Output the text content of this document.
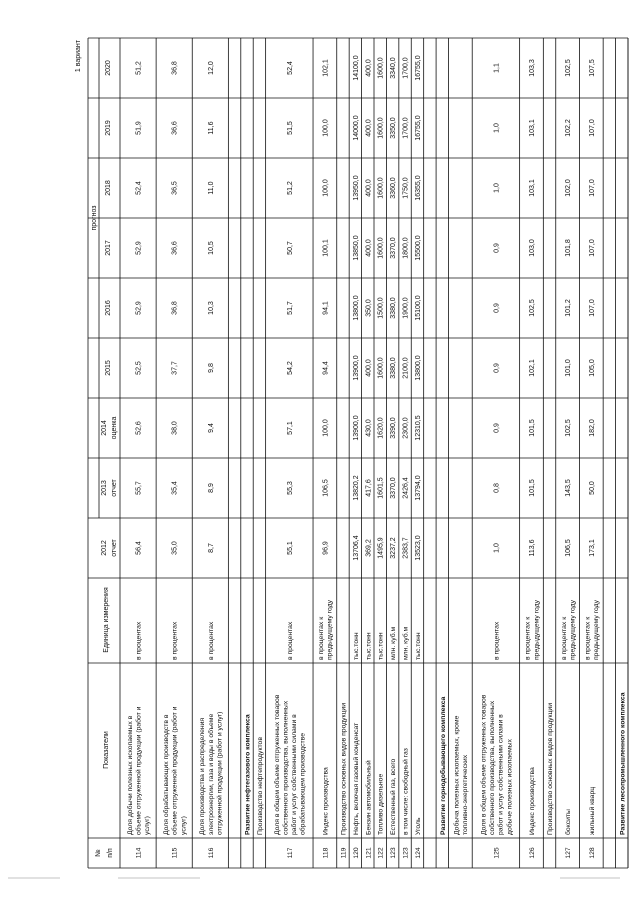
№ п/п
Показатели
Единица измерения
прогноз
2012 отчет
2013 отчет
2014 оценка
2015
2016
2017
2018
2019
2020
114
Доля добычи полезных ископаемых в объеме отгруженной продукции (работ и услуг)
в процентах
56,4
55,7
52,6
52,5
52,9
52,9
52,4
51,9
51,2
115
Доля обрабатывающих производств в объеме отгруженной продукции (работ и услуг)
в процентах
35,0
35,4
38,0
37,7
36,8
36,6
36,5
36,6
36,8
116
Доля производства и распределения электроэнергии, газа и воды в объеме отгруженной продукции (работ и услуг)
в процентах
8,7
8,9
9,4
9,8
10,3
10,5
11,0
11,6
12,0
Развитие нефтегазового комплекса Производство нефтепродуктов
117
Доля в общем объеме отгруженных товаров собственного производства, выполненных работ и услуг собственными силами в обрабатывающем производстве
в процентах
55,1
55,3
57,1
54,2
51,7
50,7
51,2
51,5
52,4
118
Индекс производства
в процентах к предыдущему году
96,9
106,5
100,0
94,4
94,1
100,1
100,0
100,0
102,1
119
Производство основных видов продукции
120
Нефть, включая газовый конденсат
тыс.тонн
13706,4
13820,2
13900,0
13900,0
13800,0
13850,0
13950,0
14000,0
14100,0
121
Бензин автомобильный
тыс.тонн
369,2
417,6
430,0
400,0
350,0
400,0
400,0
400,0
400,0
122
Топливо дизельное
тыс.тонн
1495,9
1601,5
1620,0
1600,0
1500,0
1600,0
1600,0
1600,0
1600,0
123
Естественный газ, всего
млн. куб.м
3237,2
3370,0
3390,0
3380,0
3380,0
3370,0
3360,0
3350,0
3340,0
123
в том числе: свободный газ
млн. куб.м
2383,7
2426,4
2300,0
2100,0
1900,0
1800,0
1750,0
1700,0
1700,0
124
Уголь
тыс.тонн
13523,0
13794,0
12310,5
13800,0
15100,0
15500,0
16355,0
16755,0
16755,0
Развитие горнодобывающего комплекса Добыча полезных ископаемых, кроме топливно-энергетических
125
Доля в общем объеме отгруженных товаров собственного производства, выполненных работ и услуг собственными силами в добыче полезных ископаемых
в процентах
1,0
0,8
0,9
0,9
0,9
0,9
1,0
1,0
1,1
126
Индекс производства
в процентах к предыдущему году
113,6
101,5
101,5
102,1
102,5
103,0
103,1
103,1
103,3
Производство основных видов продукции
127
бокситы
в процентах к предыдущему году
106,5
143,5
102,5
101,0
101,2
101,8
102,0
102,2
102,5
128
жильный кварц
в процентах к предыдущему году
173,1
50,0
182,0
105,0
107,0
107,0
107,0
107,0
107,5
Развитие лесопромышленного комплекса
1 вариант
